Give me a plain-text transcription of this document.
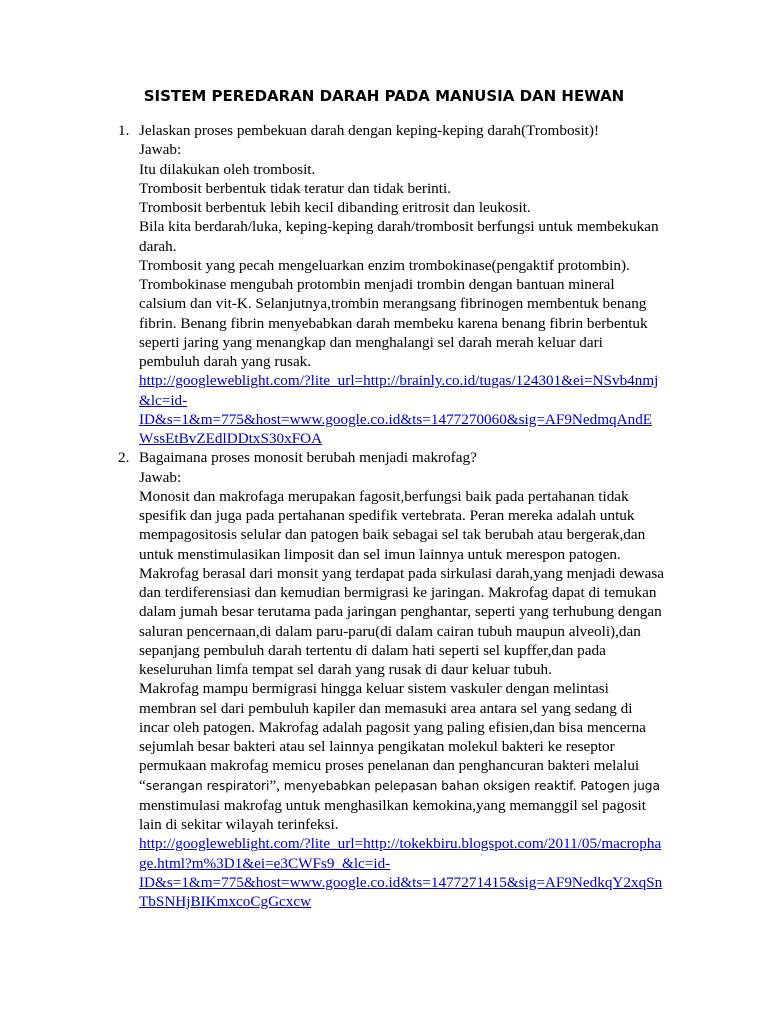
SISTEM PEREDARAN DARAH PADA MANUSIA DAN HEWAN
1. Jelaskan proses pembekuan darah dengan keping-keping darah(Trombosit)!
Jawab:
Itu dilakukan oleh trombosit.
Trombosit berbentuk tidak teratur dan tidak berinti.
Trombosit berbentuk lebih kecil dibanding eritrosit dan leukosit.
Bila kita berdarah/luka, keping-keping darah/trombosit berfungsi untuk membekukan
darah.
Trombosit yang pecah mengeluarkan enzim trombokinase(pengaktif protombin).
Trombokinase mengubah protombin menjadi trombin dengan bantuan mineral
calsium dan vit-K. Selanjutnya,trombin merangsang fibrinogen membentuk benang
fibrin. Benang fibrin menyebabkan darah membeku karena benang fibrin berbentuk
seperti jaring yang menangkap dan menghalangi sel darah merah keluar dari
pembuluh darah yang rusak.
http://googleweblight.com/?lite_url=http://brainly.co.id/tugas/124301&ei=NSvb4nmj
&lc=id-
ID&s=1&m=775&host=www.google.co.id&ts=1477270060&sig=AF9NedmqAndE
WssEtBvZEdlDDtxS30xFOA
2. Bagaimana proses monosit berubah menjadi makrofag?
Jawab:
Monosit dan makrofaga merupakan fagosit,berfungsi baik pada pertahanan tidak
spesifik dan juga pada pertahanan spedifik vertebrata. Peran mereka adalah untuk
mempagositosis selular dan patogen baik sebagai sel tak berubah atau bergerak,dan
untuk menstimulasikan limposit dan sel imun lainnya untuk merespon patogen.
Makrofag berasal dari monsit yang terdapat pada sirkulasi darah,yang menjadi dewasa
dan terdiferensiasi dan kemudian bermigrasi ke jaringan. Makrofag dapat di temukan
dalam jumah besar terutama pada jaringan penghantar, seperti yang terhubung dengan
saluran pencernaan,di dalam paru-paru(di dalam cairan tubuh maupun alveoli),dan
sepanjang pembuluh darah tertentu di dalam hati seperti sel kupffer,dan pada
keseluruhan limfa tempat sel darah yang rusak di daur keluar tubuh.
Makrofag mampu bermigrasi hingga keluar sistem vaskuler dengan melintasi
membran sel dari pembuluh kapiler dan memasuki area antara sel yang sedang di
incar oleh patogen. Makrofag adalah pagosit yang paling efisien,dan bisa mencerna
sejumlah besar bakteri atau sel lainnya pengikatan molekul bakteri ke reseptor
permukaan makrofag memicu proses penelanan dan penghancuran bakteri melalui
“serangan respiratori”, menyebabkan pelepasan bahan oksigen reaktif. Patogen juga
menstimulasi makrofag untuk menghasilkan kemokina,yang memanggil sel pagosit
lain di sekitar wilayah terinfeksi.
http://googleweblight.com/?lite_url=http://tokekbiru.blogspot.com/2011/05/macropha
ge.html?m%3D1&ei=e3CWFs9_&lc=id-
ID&s=1&m=775&host=www.google.co.id&ts=1477271415&sig=AF9NedkqY2xqSn
TbSNHjBIKmxcoCgGcxcw
